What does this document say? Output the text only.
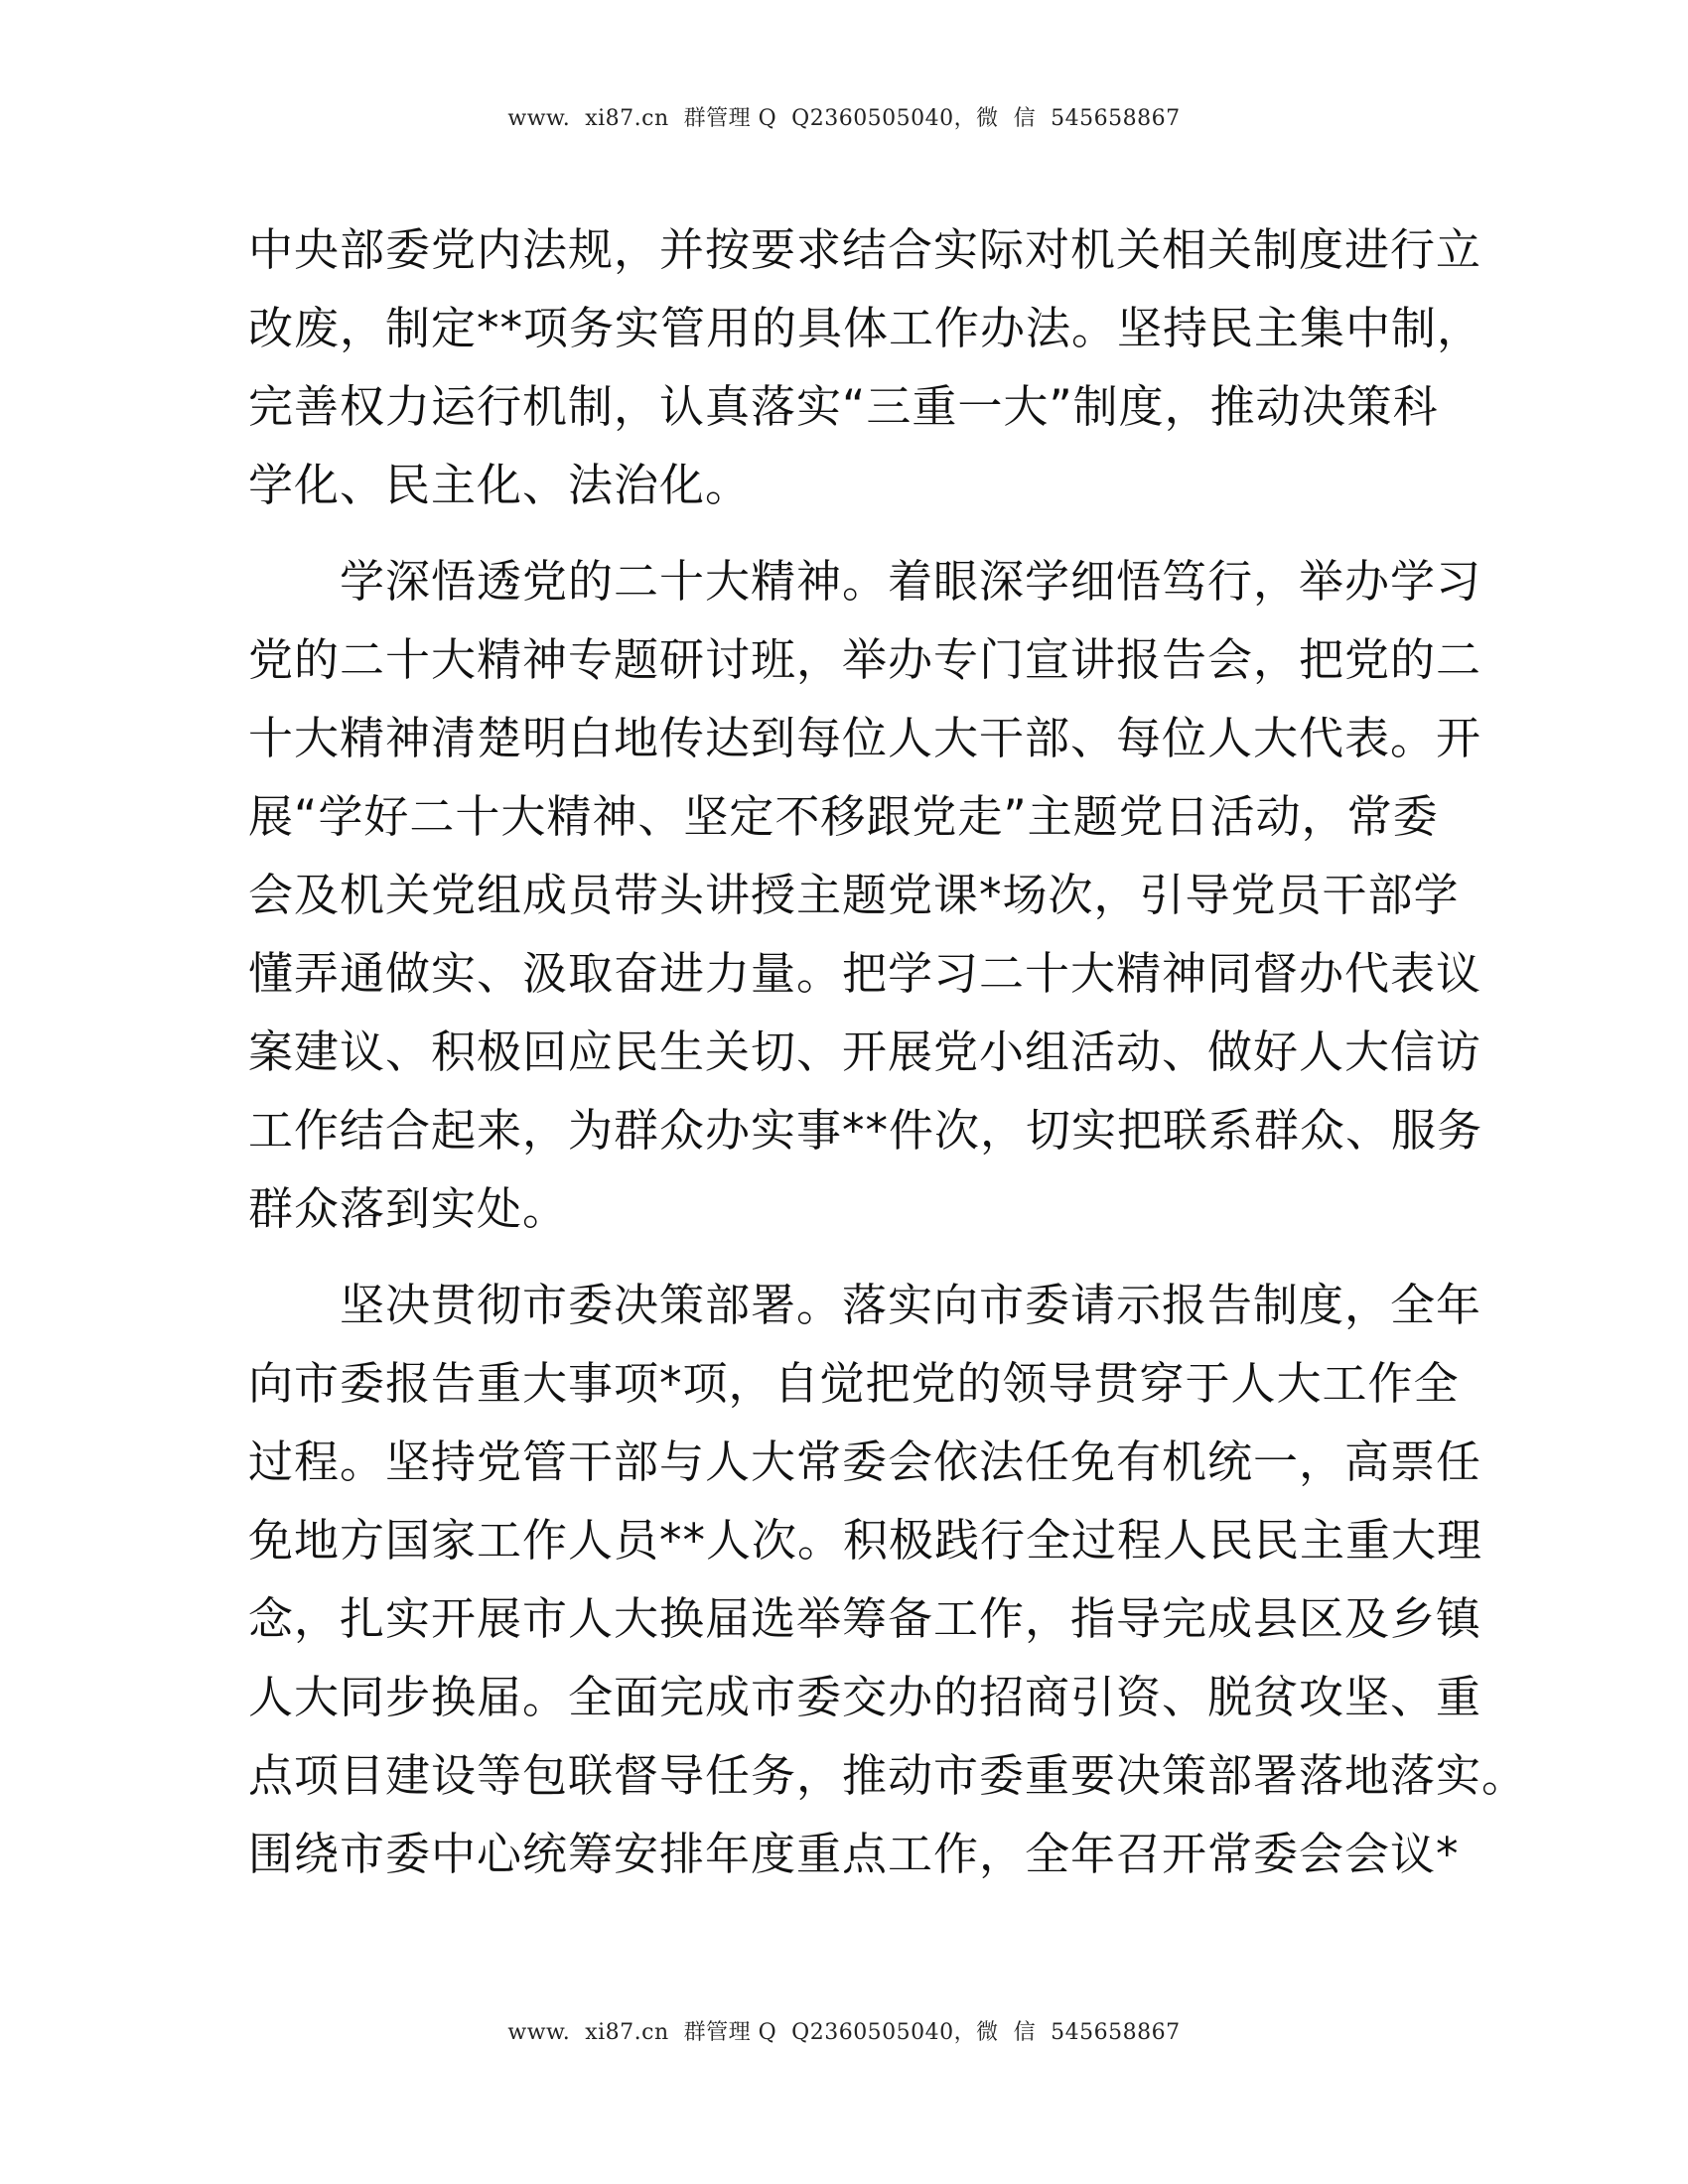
www.  xi87.cn  群管理 Q  Q2360505040，微  信  545658867

中央部委党内法规，并按要求结合实际对机关相关制度进行立
改废，制定**项务实管用的具体工作办法。坚持民主集中制，
完善权力运行机制，认真落实“三重一大”制度，推动决策科
学化、民主化、法治化。

学深悟透党的二十大精神。着眼深学细悟笃行，举办学习
党的二十大精神专题研讨班，举办专门宣讲报告会，把党的二
十大精神清楚明白地传达到每位人大干部、每位人大代表。开
展“学好二十大精神、坚定不移跟党走”主题党日活动，常委
会及机关党组成员带头讲授主题党课*场次，引导党员干部学
懂弄通做实、汲取奋进力量。把学习二十大精神同督办代表议
案建议、积极回应民生关切、开展党小组活动、做好人大信访
工作结合起来，为群众办实事**件次，切实把联系群众、服务
群众落到实处。

坚决贯彻市委决策部署。落实向市委请示报告制度，全年
向市委报告重大事项*项，自觉把党的领导贯穿于人大工作全
过程。坚持党管干部与人大常委会依法任免有机统一，高票任
免地方国家工作人员**人次。积极践行全过程人民民主重大理
念，扎实开展市人大换届选举筹备工作，指导完成县区及乡镇
人大同步换届。全面完成市委交办的招商引资、脱贫攻坚、重
点项目建设等包联督导任务，推动市委重要决策部署落地落实。
围绕市委中心统筹安排年度重点工作，全年召开常委会会议*

www.  xi87.cn  群管理 Q  Q2360505040，微  信  545658867
